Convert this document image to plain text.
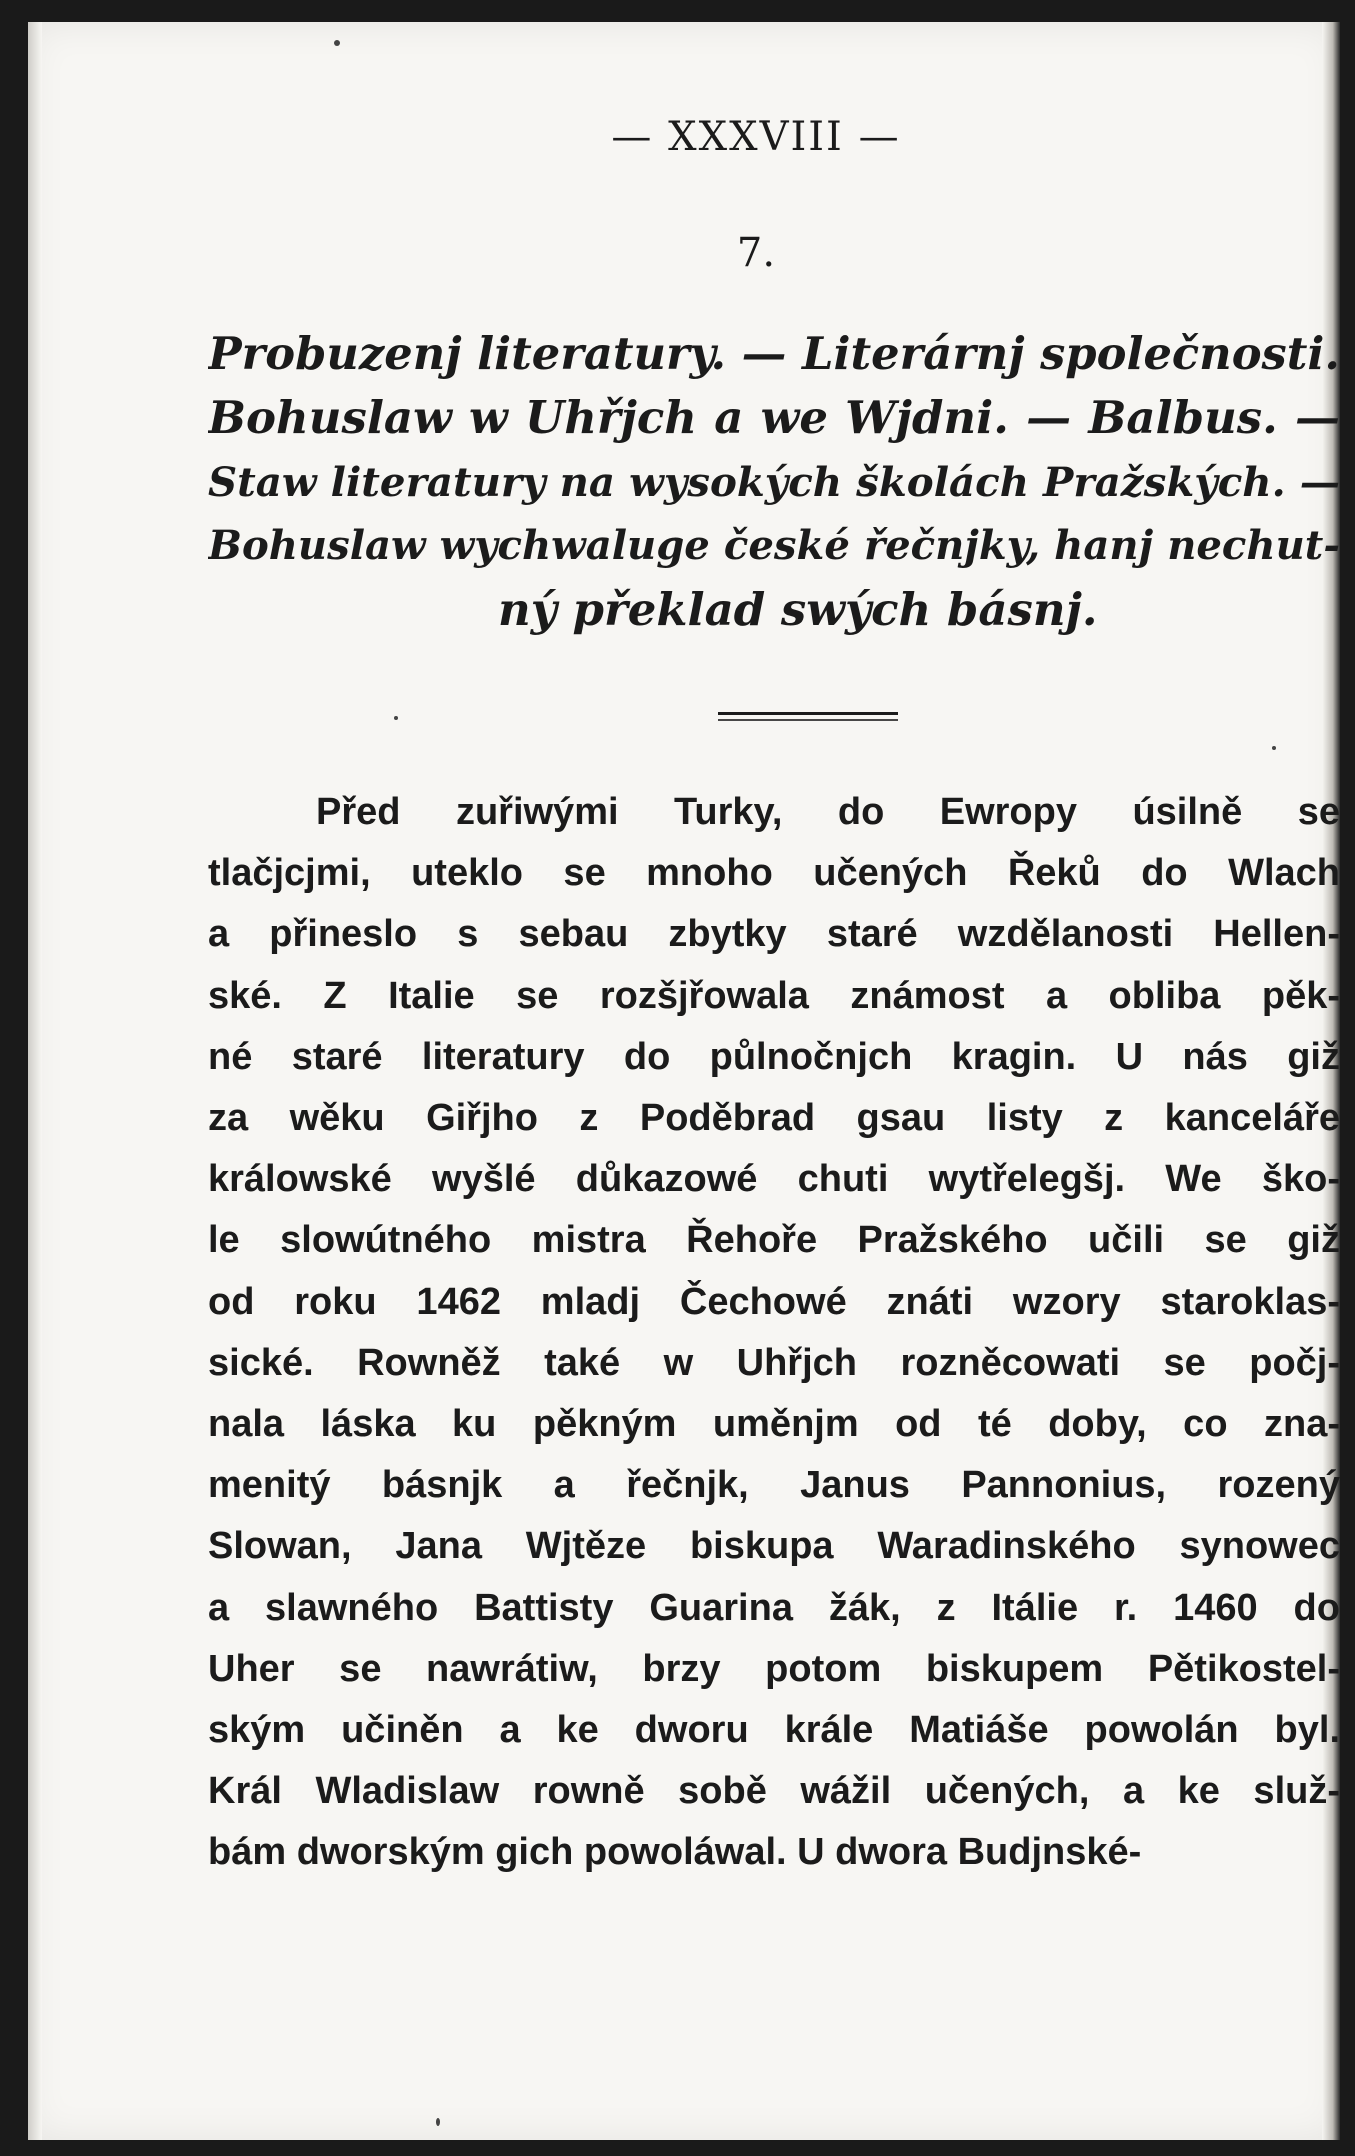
— XXXVIII —
7.
Probuzenj literatury. — Literárnj společnosti.
Bohuslaw w Uhřjch a we Wjdni. — Balbus. —
Staw literatury na wysokých školách Pražských. —
Bohuslaw wychwaluge české řečnjky, hanj nechut-
ný překlad swých básnj.
Před zuřiwými Turky, do Ewropy úsilně se
tlačjcjmi, uteklo se mnoho učených Řeků do Wlach
a přineslo s sebau zbytky staré wzdělanosti Hellen-
ské. Z Italie se rozšjřowala známost a obliba pěk-
né staré literatury do půlnočnjch kragin. U nás giž
za wěku Giřjho z Poděbrad gsau listy z kanceláře
králowské wyšlé důkazowé chuti wytřelegšj. We ško-
le slowútného mistra Řehoře Pražského učili se giž
od roku 1462 mladj Čechowé znáti wzory staroklas-
sické. Rowněž také w Uhřjch rozněcowati se počj-
nala láska ku pěkným uměnjm od té doby, co zna-
menitý básnjk a řečnjk, Janus Pannonius, rozený
Slowan, Jana Wjtěze biskupa Waradinského synowec
a slawného Battisty Guarina žák, z Itálie r. 1460 do
Uher se nawrátiw, brzy potom biskupem Pětikostel-
ským učiněn a ke dworu krále Matiáše powolán byl.
Král Wladislaw rowně sobě wážil učených, a ke služ-
bám dworským gich powoláwal. U dwora Budjnské-
